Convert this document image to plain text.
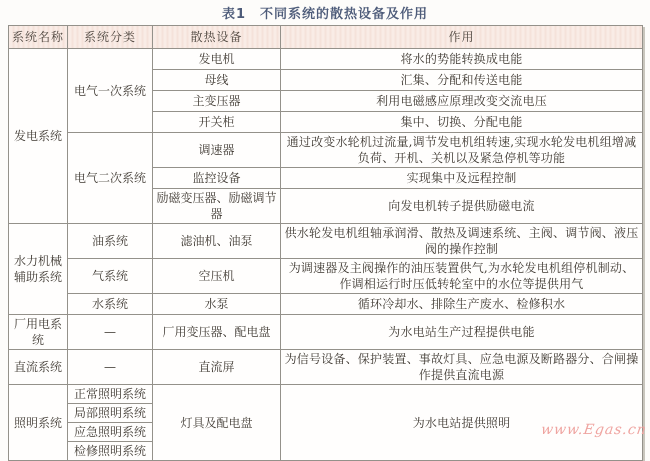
表1　不同系统的散热设备及作用
系统名称	系统分类	散热设备	作用
发电系统	电气一次系统	发电机	将水的势能转换成电能
		母线	汇集、分配和传送电能
		主变压器	利用电磁感应原理改变交流电压
		开关柜	集中、切换、分配电能
	电气二次系统	调速器	通过改变水轮机过流量,调节发电机组转速,实现水轮发电机组增减负荷、开机、关机以及紧急停机等功能
		监控设备	实现集中及远程控制
		励磁变压器、励磁调节器	向发电机转子提供励磁电流
水力机械辅助系统	油系统	滤油机、油泵	供水轮发电机组轴承润滑、散热及调速系统、主阀、调节阀、液压阀的操作控制
	气系统	空压机	为调速器及主阀操作的油压装置供气,为水轮发电机组停机制动、作调相运行时压低转轮室中的水位等提供用气
	水系统	水泵	循环冷却水、排除生产废水、检修积水
厂用电系统	—	厂用变压器、配电盘	为水电站生产过程提供电能
直流系统	—	直流屏	为信号设备、保护装置、事故灯具、应急电源及断路器分、合闸操作提供直流电源
照明系统	正常照明系统	灯具及配电盘	为水电站提供照明
	局部照明系统		
	应急照明系统		
	检修照明系统		
www.Egas.cn
